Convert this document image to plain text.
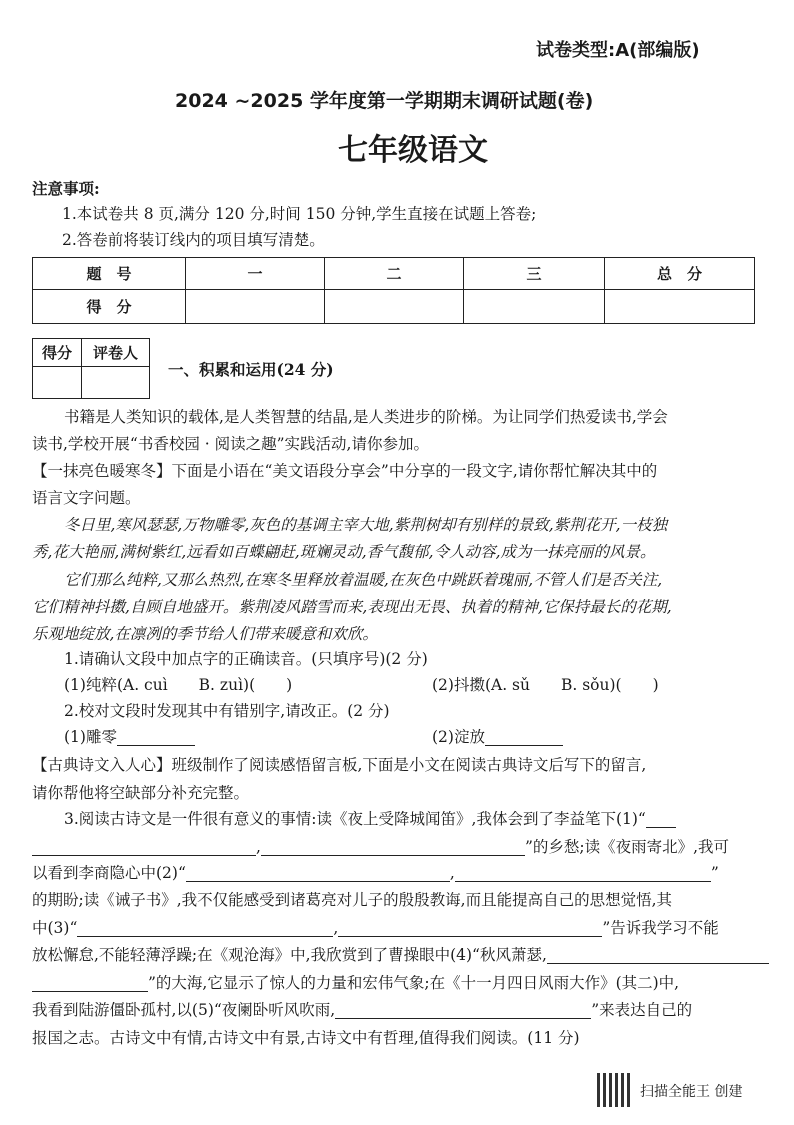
试卷类型:A(部编版)
2024 ~2025 学年度第一学期期末调研试题(卷)
七年级语文
注意事项:
1.本试卷共 8 页,满分 120 分,时间 150 分钟,学生直接在试题上答卷;
2.答卷前将装订线内的项目填写清楚。
题　号	一	二	三	总　分
得　分				
得分	评卷人

一、积累和运用(24 分)
书籍是人类知识的载体,是人类智慧的结晶,是人类进步的阶梯。为让同学们热爱读书,学会
读书,学校开展“书香校园 · 阅读之趣”实践活动,请你参加。
【一抹亮色暖寒冬】下面是小语在“美文语段分享会”中分享的一段文字,请你帮忙解决其中的
语言文字问题。
冬日里,寒风瑟瑟,万物雕零,灰色的基调主宰大地,紫荆树却有别样的景致,紫荆花开,一枝独
秀,花大艳丽,满树紫红,远看如百蝶翩赶,斑斓灵动,香气馥郁,令人动容,成为一抹亮丽的风景。
它们那么纯粹,又那么热烈,在寒冬里释放着温暖,在灰色中跳跃着瑰丽,不管人们是否关注,
它们精神抖擞,自顾自地盛开。紫荆凌风踏雪而来,表现出无畏、执着的精神,它保持最长的花期,
乐观地绽放,在凛冽的季节给人们带来暖意和欢欣。
1.请确认文段中加点字的正确读音。(只填序号)(2 分)
(1)纯粹(A. cuì　　B. zuì)(　　)	(2)抖擞(A. sǔ　　B. sǒu)(　　)
2.校对文段时发现其中有错别字,请改正。(2 分)
(1)雕零	(2)淀放
【古典诗文入人心】班级制作了阅读感悟留言板,下面是小文在阅读古典诗文后写下的留言,
请你帮他将空缺部分补充完整。
3.阅读古诗文是一件很有意义的事情:读《夜上受降城闻笛》,我体会到了李益笔下(1)“
,	”的乡愁;读《夜雨寄北》,我可
以看到李商隐心中(2)“	,	”
的期盼;读《诫子书》,我不仅能感受到诸葛亮对儿子的殷殷教诲,而且能提高自己的思想觉悟,其
中(3)“	,	”告诉我学习不能
放松懈怠,不能轻薄浮躁;在《观沧海》中,我欣赏到了曹操眼中(4)“秋风萧瑟,
”的大海,它显示了惊人的力量和宏伟气象;在《十一月四日风雨大作》(其二)中,
我看到陆游僵卧孤村,以(5)“夜阑卧听风吹雨,	”来表达自己的
报国之志。古诗文中有情,古诗文中有景,古诗文中有哲理,值得我们阅读。(11 分)
扫描全能王 创建
